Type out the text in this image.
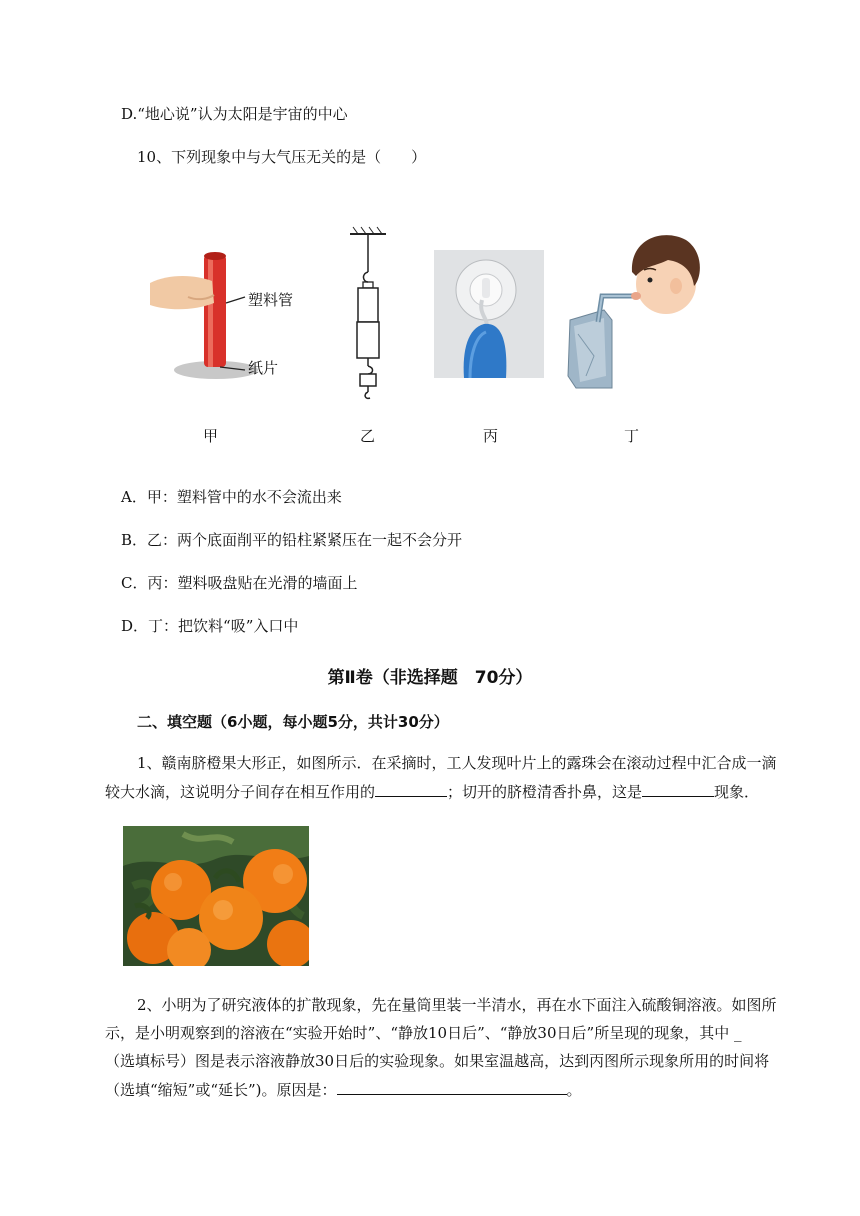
D.“地心说”认为太阳是宇宙的中心
10、下列现象中与大气压无关的是（　　）
塑料管
纸片
甲	乙	丙	丁
A．甲：塑料管中的水不会流出来
B．乙：两个底面削平的铅柱紧紧压在一起不会分开
C．丙：塑料吸盘贴在光滑的墙面上
D．丁：把饮料“吸”入口中
第Ⅱ卷（非选择题　70分）
二、填空题（6小题，每小题5分，共计30分）
1、赣南脐橙果大形正，如图所示．在采摘时，工人发现叶片上的露珠会在滚动过程中汇合成一滴
较大水滴，这说明分子间存在相互作用的	；切开的脐橙清香扑鼻，这是	现象．
2、小明为了研究液体的扩散现象，先在量筒里装一半清水，再在水下面注入硫酸铜溶液。如图所
示，是小明观察到的溶液在“实验开始时”、“静放10日后”、“静放30日后”所呈现的现象，其中 _
（选填标号）图是表示溶液静放30日后的实验现象。如果室温越高，达到丙图所示现象所用的时间将
（选填“缩短”或“延长”)。原因是：	。
